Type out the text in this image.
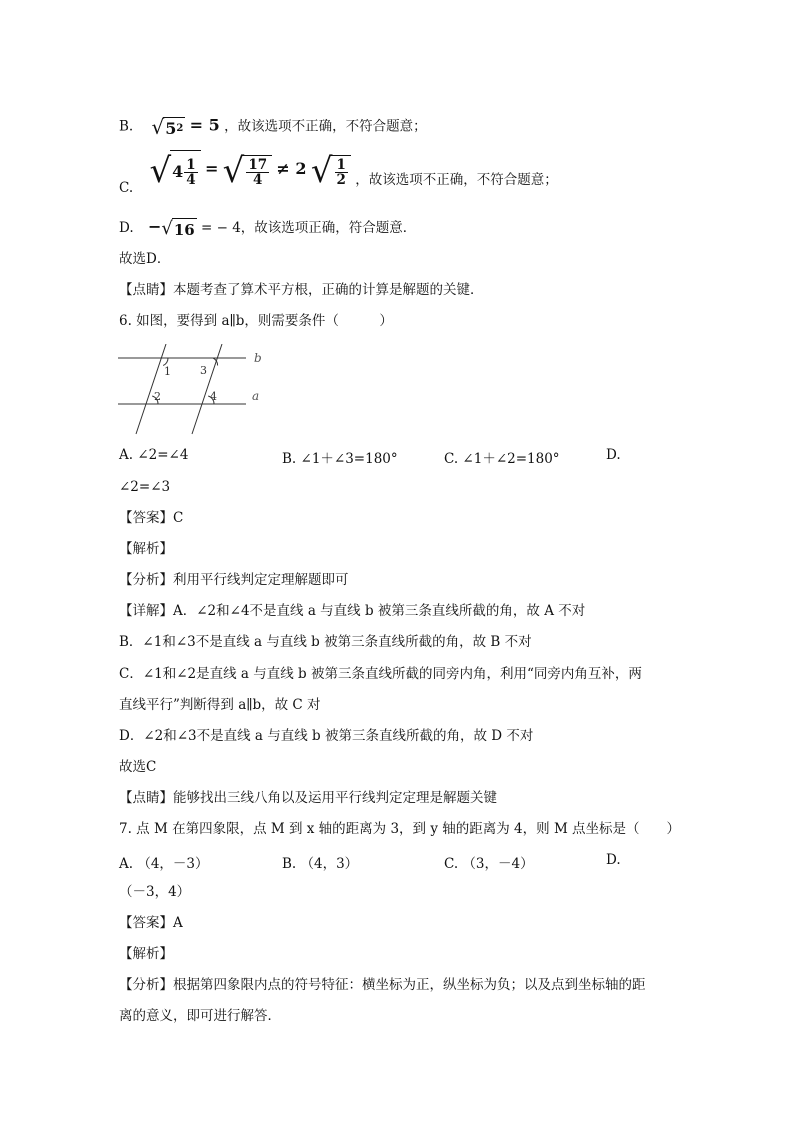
B. √ 5 2 = 5 ，故该选项不正确，不符合题意；
C. √ $4 \frac{1}{4}$ = √ $\frac{17}{4} \ne 2$ √ $\frac{1}{2}$ ，故该选项不正确，不符合题意；
D. − √ 16 = − 4，故该选项正确，符合题意．
故选D．
【点睛】本题考查了算术平方根，正确的计算是解题的关键．
6. 如图，要得到 a∥b，则需要条件（　　　）
b
a
1	3
2	4
A. ∠2=∠4	B. ∠1＋∠3=180°	C. ∠1＋∠2=180°	D.
∠2=∠3
【答案】C
【解析】
【分析】利用平行线判定定理解题即可
【详解】A．∠2和∠4不是直线 a 与直线 b 被第三条直线所截的角，故 A 不对
B．∠1和∠3不是直线 a 与直线 b 被第三条直线所截的角，故 B 不对
C．∠1和∠2是直线 a 与直线 b 被第三条直线所截的同旁内角，利用“同旁内角互补，两
直线平行”判断得到 a∥b，故 C 对
D．∠2和∠3不是直线 a 与直线 b 被第三条直线所截的角，故 D 不对
故选C
【点睛】能够找出三线八角以及运用平行线判定定理是解题关键
7. 点 M 在第四象限，点 M 到 x 轴的距离为 3，到 y 轴的距离为 4，则 M 点坐标是（　　）
A. （4，－3）	B. （4，3）	C. （3，－4）	D.
（－3，4）
【答案】A
【解析】
【分析】根据第四象限内点的符号特征：横坐标为正，纵坐标为负；以及点到坐标轴的距
离的意义，即可进行解答．
